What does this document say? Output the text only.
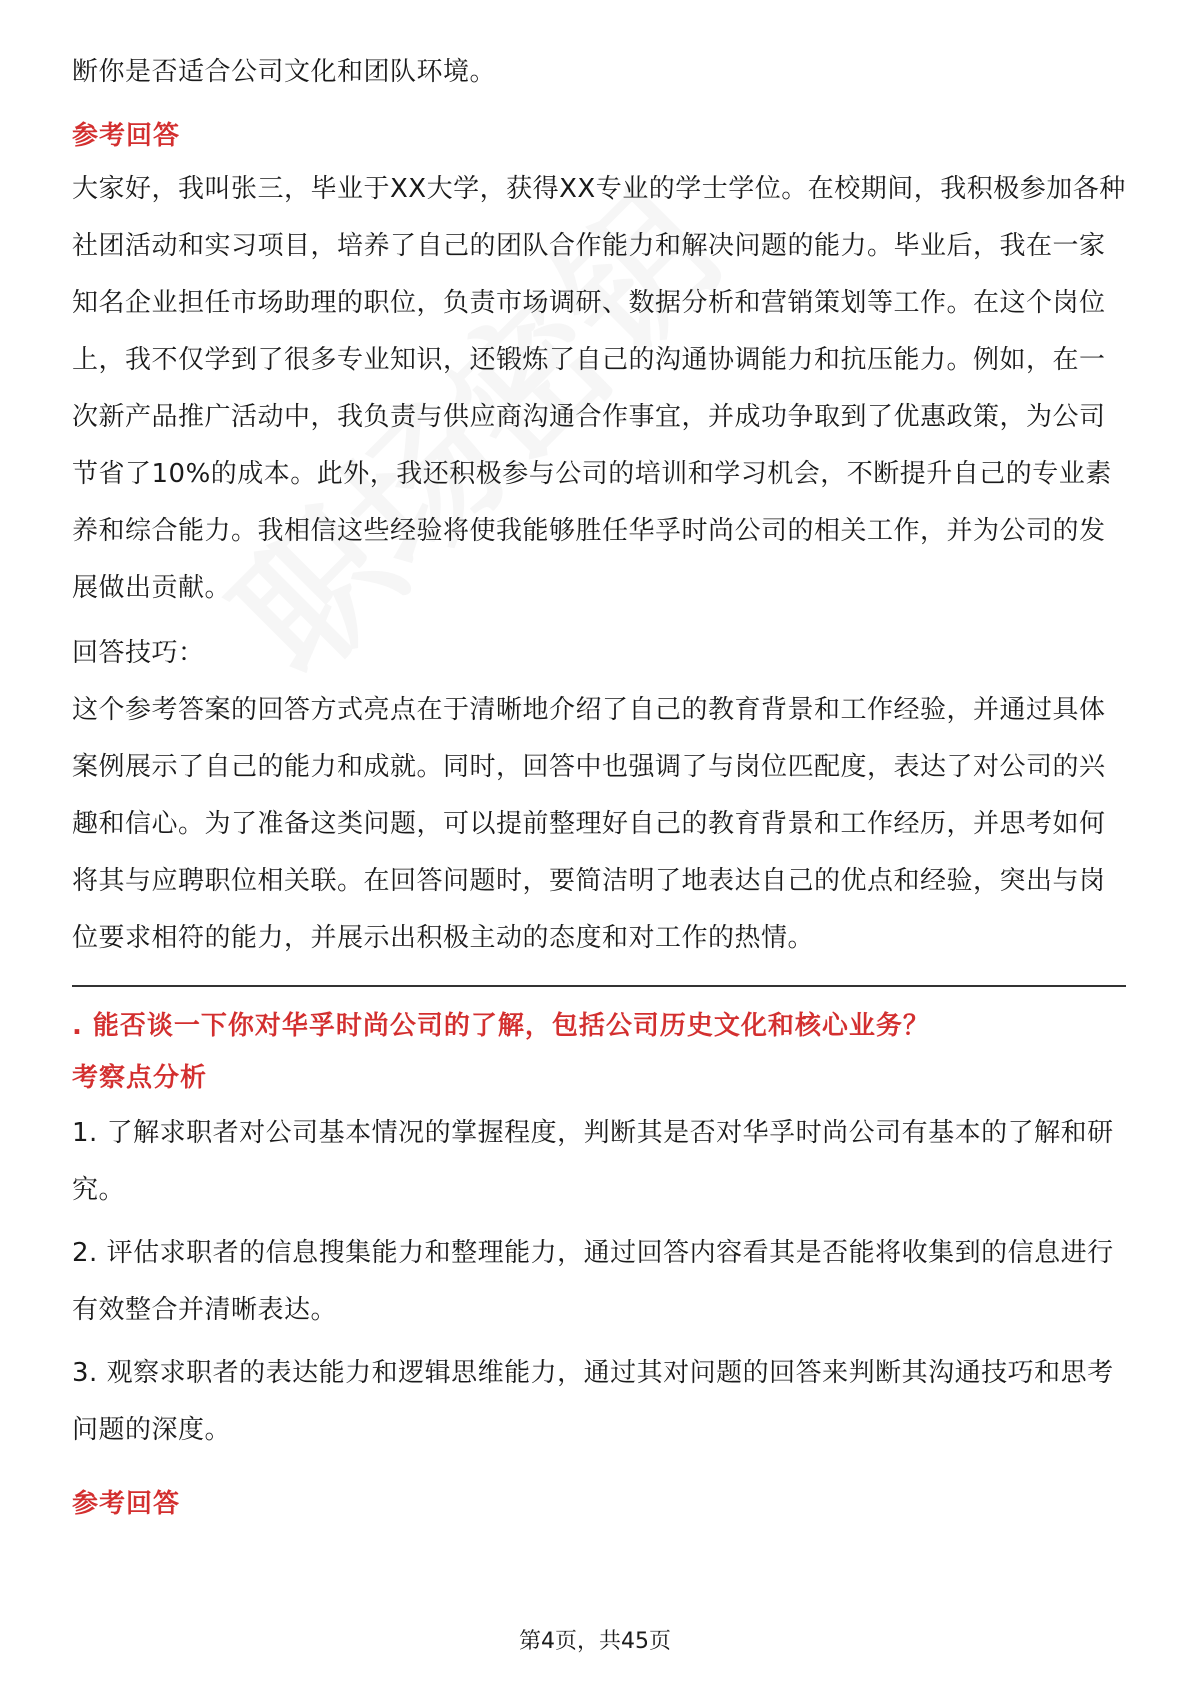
断你是否适合公司文化和团队环境。

参考回答

大家好，我叫张三，毕业于XX大学，获得XX专业的学士学位。在校期间，我积极参加各种社团活动和实习项目，培养了自己的团队合作能力和解决问题的能力。毕业后，我在一家知名企业担任市场助理的职位，负责市场调研、数据分析和营销策划等工作。在这个岗位上，我不仅学到了很多专业知识，还锻炼了自己的沟通协调能力和抗压能力。例如，在一次新产品推广活动中，我负责与供应商沟通合作事宜，并成功争取到了优惠政策，为公司节省了10%的成本。此外，我还积极参与公司的培训和学习机会，不断提升自己的专业素养和综合能力。我相信这些经验将使我能够胜任华孚时尚公司的相关工作，并为公司的发展做出贡献。

回答技巧：

这个参考答案的回答方式亮点在于清晰地介绍了自己的教育背景和工作经验，并通过具体案例展示了自己的能力和成就。同时，回答中也强调了与岗位匹配度，表达了对公司的兴趣和信心。为了准备这类问题，可以提前整理好自己的教育背景和工作经历，并思考如何将其与应聘职位相关联。在回答问题时，要简洁明了地表达自己的优点和经验，突出与岗位要求相符的能力，并展示出积极主动的态度和对工作的热情。

. 能否谈一下你对华孚时尚公司的了解，包括公司历史文化和核心业务？
考察点分析

1. 了解求职者对公司基本情况的掌握程度，判断其是否对华孚时尚公司有基本的了解和研究。

2. 评估求职者的信息搜集能力和整理能力，通过回答内容看其是否能将收集到的信息进行有效整合并清晰表达。

3. 观察求职者的表达能力和逻辑思维能力，通过其对问题的回答来判断其沟通技巧和思考问题的深度。

参考回答
第4页，共45页
